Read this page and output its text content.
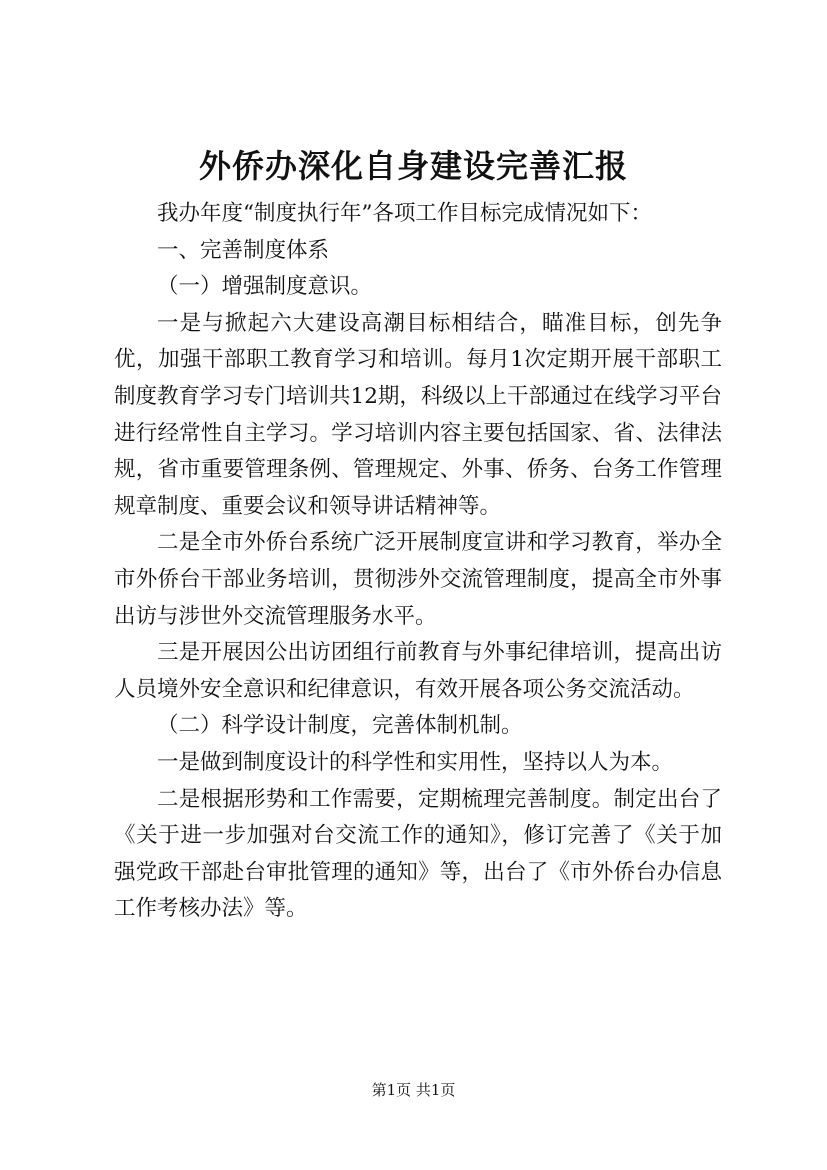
外侨办深化自身建设完善汇报

我办年度“制度执行年”各项工作目标完成情况如下：

一、完善制度体系

（一）增强制度意识。

一是与掀起六大建设高潮目标相结合，瞄准目标，创先争优，加强干部职工教育学习和培训。每月1次定期开展干部职工制度教育学习专门培训共12期，科级以上干部通过在线学习平台进行经常性自主学习。学习培训内容主要包括国家、省、法律法规，省市重要管理条例、管理规定、外事、侨务、台务工作管理规章制度、重要会议和领导讲话精神等。

二是全市外侨台系统广泛开展制度宣讲和学习教育，举办全市外侨台干部业务培训，贯彻涉外交流管理制度，提高全市外事出访与涉世外交流管理服务水平。

三是开展因公出访团组行前教育与外事纪律培训，提高出访人员境外安全意识和纪律意识，有效开展各项公务交流活动。

（二）科学设计制度，完善体制机制。

一是做到制度设计的科学性和实用性，坚持以人为本。

二是根据形势和工作需要，定期梳理完善制度。制定出台了《关于进一步加强对台交流工作的通知》，修订完善了《关于加强党政干部赴台审批管理的通知》等，出台了《市外侨台办信息工作考核办法》等。

第1页 共1页
